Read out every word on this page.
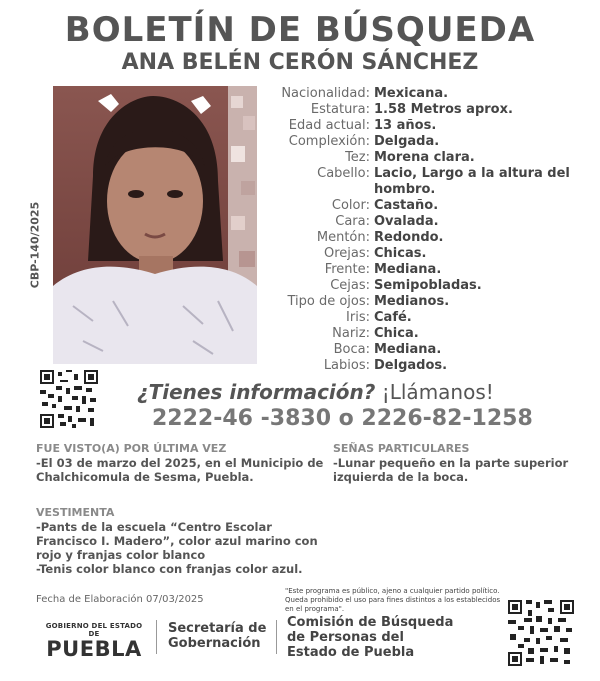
BOLETÍN DE BÚSQUEDA
ANA BELÉN CERÓN SÁNCHEZ
CBP-140/2025
Nacionalidad: Mexicana.
Estatura: 1.58 Metros aprox.
Edad actual: 13 años.
Complexión: Delgada.
Tez: Morena clara.
Cabello: Lacio, Largo a la altura del hombro.
Color: Castaño.
Cara: Ovalada.
Mentón: Redondo.
Orejas: Chicas.
Frente: Mediana.
Cejas: Semipobladas.
Tipo de ojos: Medianos.
Iris: Café.
Nariz: Chica.
Boca: Mediana.
Labios: Delgados.
¿Tienes información? ¡Llámanos!
2222-46 -3830 o 2226-82-1258
FUE VISTO(A) POR ÚLTIMA VEZ
-El 03 de marzo del 2025, en el Municipio de
Chalchicomula de Sesma, Puebla.
SEÑAS PARTICULARES
-Lunar pequeño en la parte superior
izquierda de la boca.
VESTIMENTA
-Pants de la escuela “Centro Escolar
Francisco I. Madero”, color azul marino con
rojo y franjas color blanco
-Tenis color blanco con franjas color azul.
Fecha de Elaboración 07/03/2025
"Este programa es público, ajeno a cualquier partido político. Queda prohibido el uso para fines distintos a los establecidos en el programa".
GOBIERNO DEL ESTADO DE
PUEBLA
Secretaría de
Gobernación
Comisión de Búsqueda
de Personas del
Estado de Puebla
